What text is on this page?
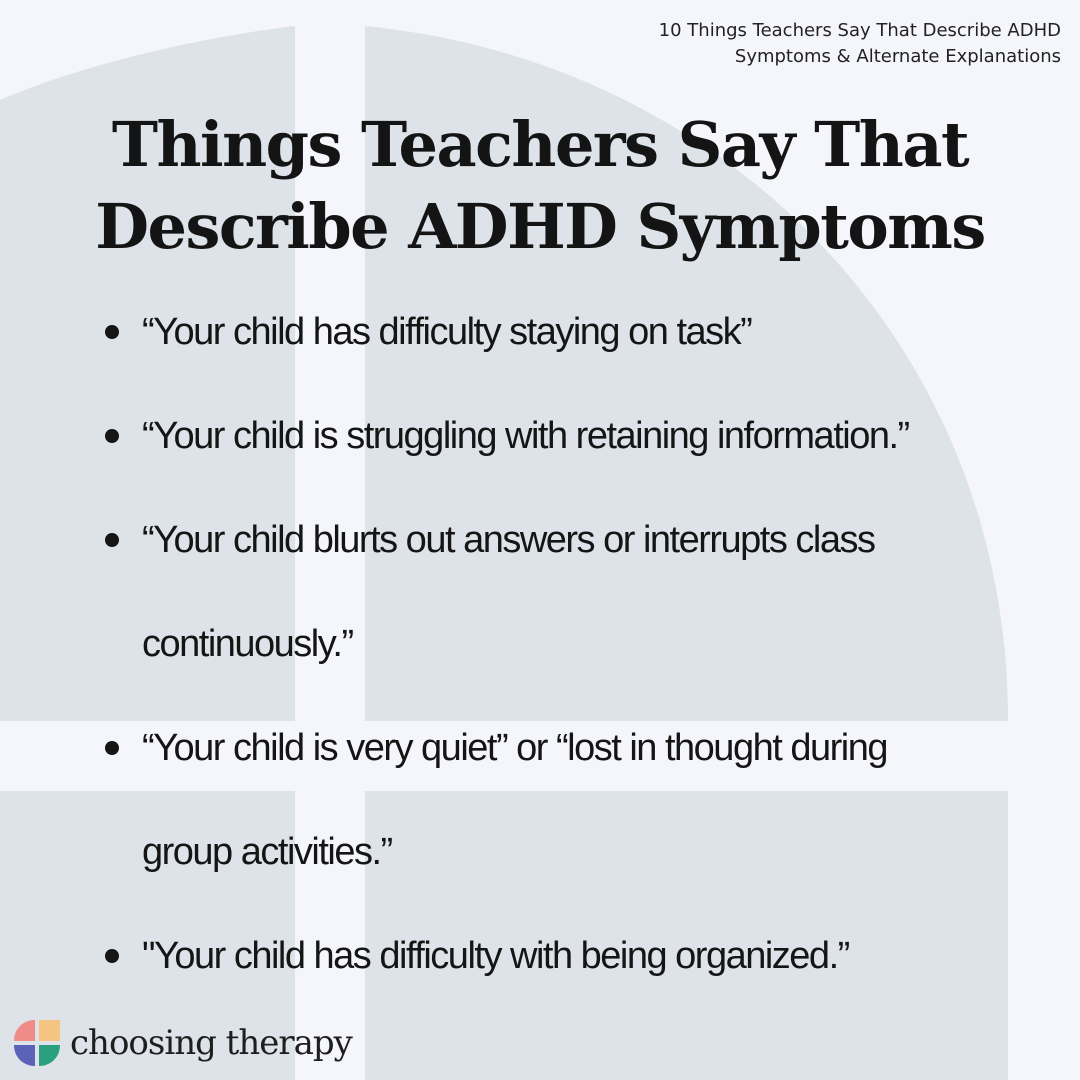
10 Things Teachers Say That Describe ADHD
Symptoms & Alternate Explanations
Things Teachers Say That
Describe ADHD Symptoms
“Your child has difficulty staying on task”
“Your child is struggling with retaining information.”
“Your child blurts out answers or interrupts class
continuously.”
“Your child is very quiet” or “lost in thought during
group activities.”
"Your child has difficulty with being organized.”
choosing therapy
